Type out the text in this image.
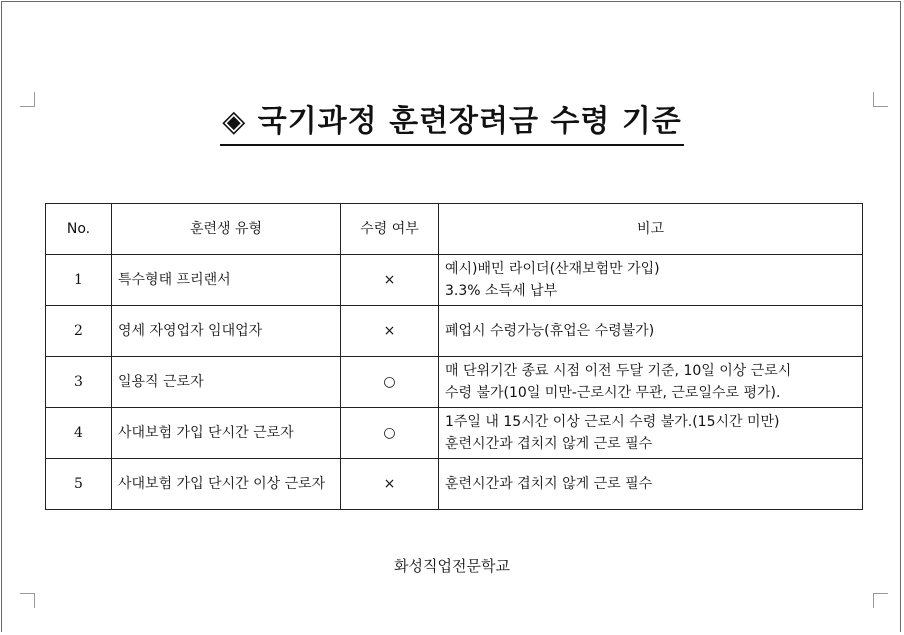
◈ 국기과정 훈련장려금 수령 기준
No.	훈련생 유형	수령 여부	비고
1	특수형태 프리랜서	×	예시)배민 라이더(산재보험만 가입)
3.3% 소득세 납부

2	영세 자영업자 임대업자	×	폐업시 수령가능(휴업은 수령불가)

3	일용직 근로자	○	매 단위기간 종료 시점 이전 두달 기준, 10일 이상 근로시
수령 불가(10일 미만-근로시간 무관, 근로일수로 평가).

4	사대보험 가입 단시간 근로자	○	1주일 내 15시간 이상 근로시 수령 불가.(15시간 미만)
훈련시간과 겹치지 않게 근로 필수

5	사대보험 가입 단시간 이상 근로자	×	훈련시간과 겹치지 않게 근로 필수
화성직업전문학교
